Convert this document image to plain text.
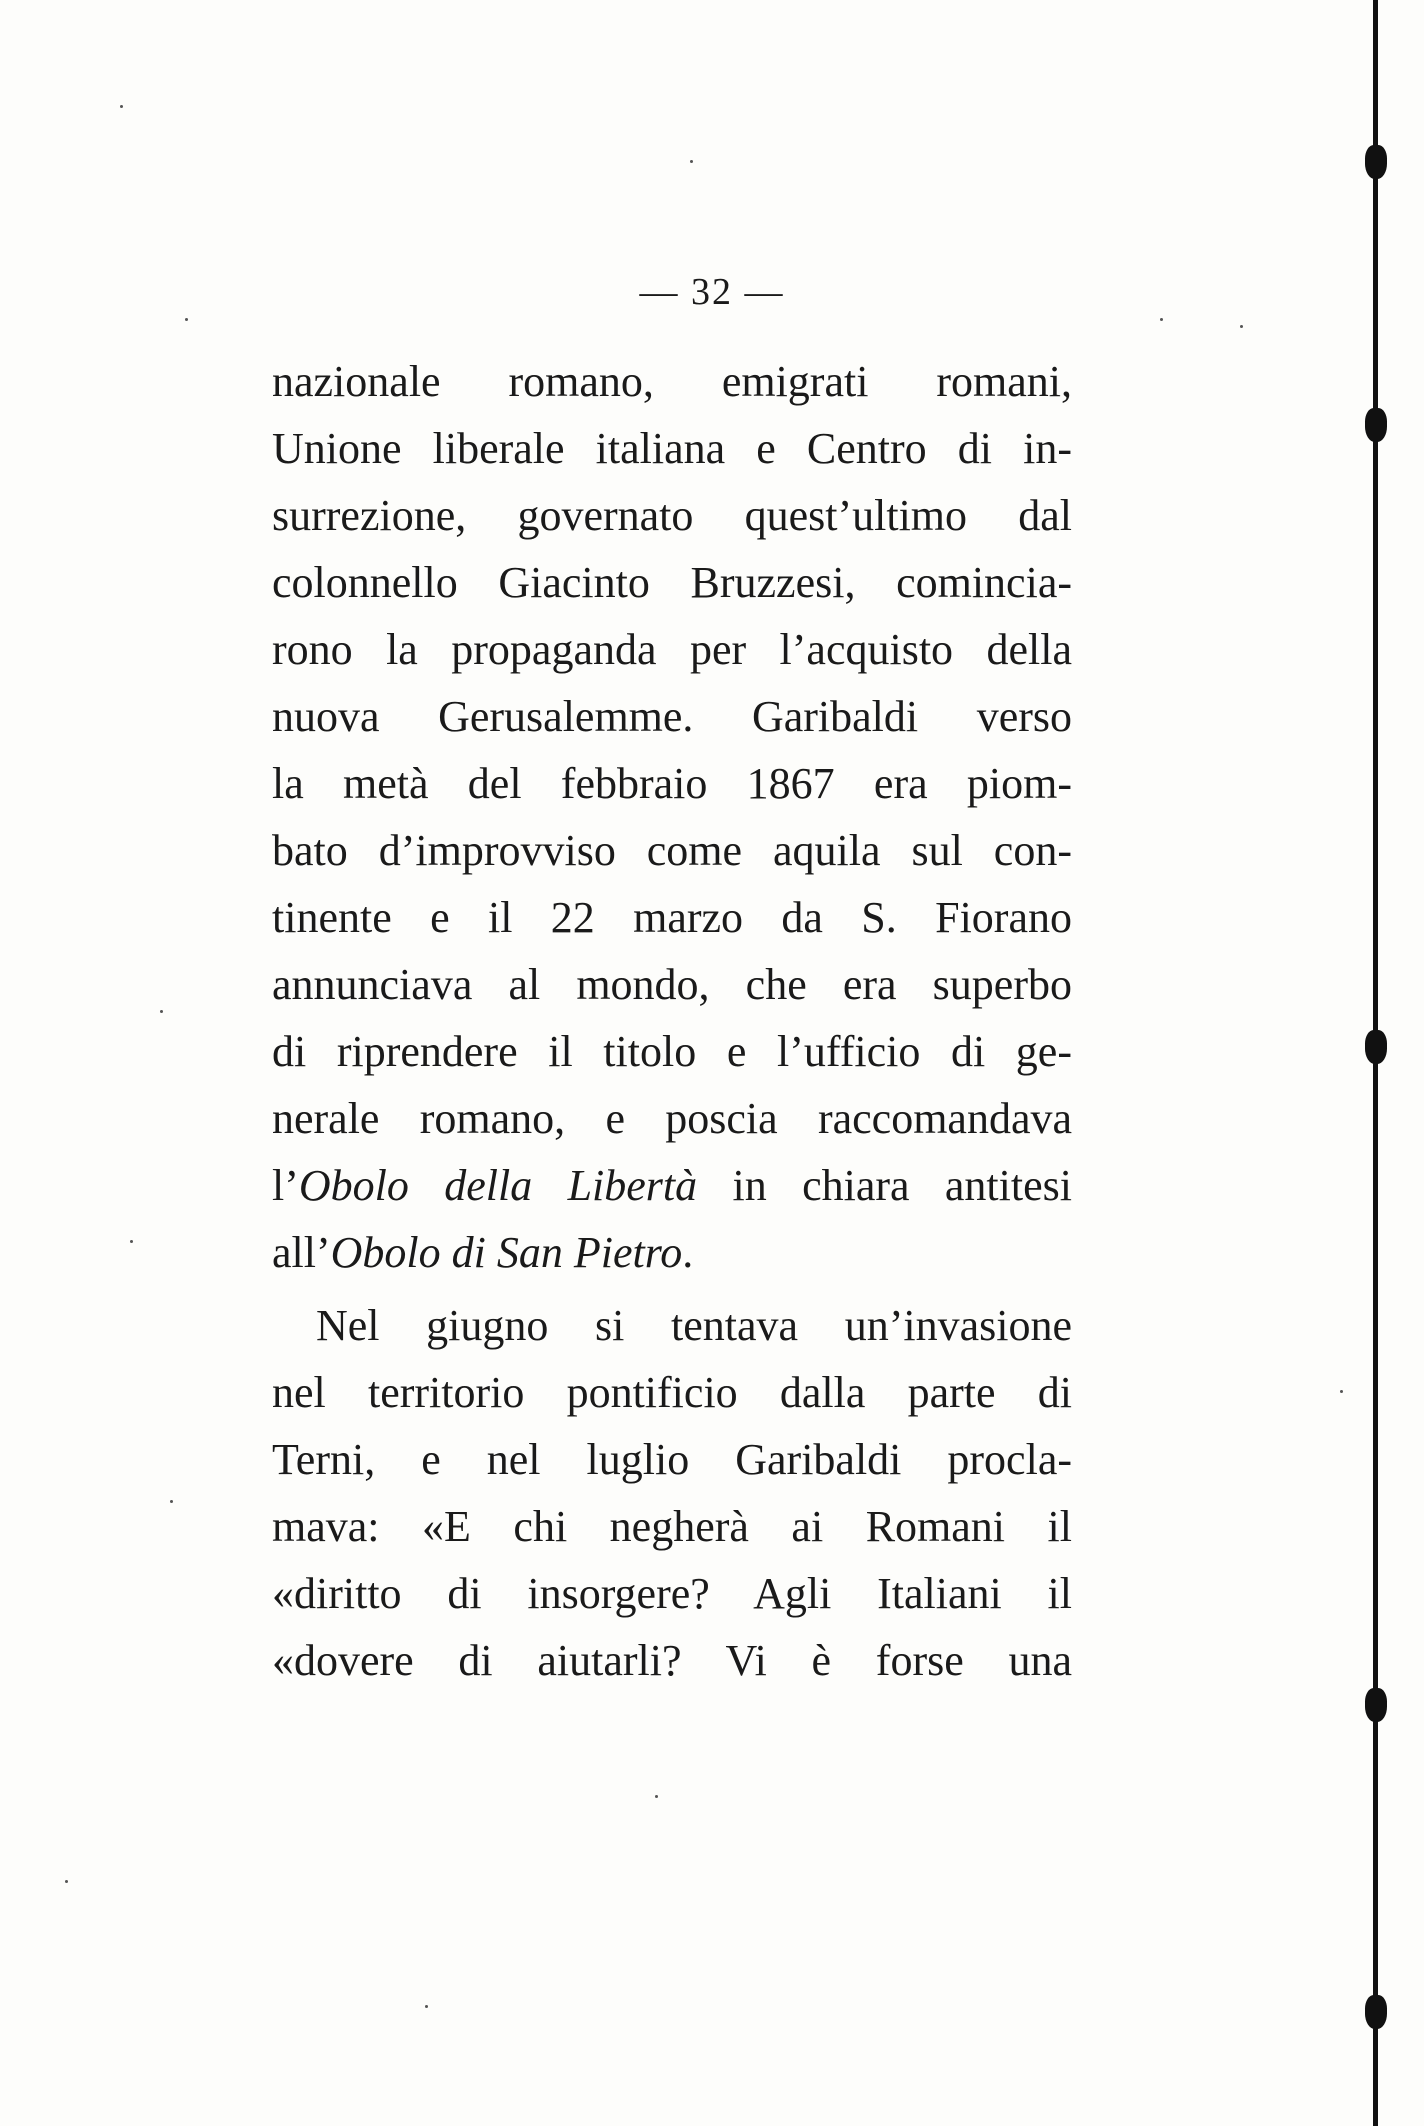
— 32 —
nazionale romano, emigrati romani,
Unione liberale italiana e Centro di in-
surrezione, governato quest’ultimo dal
colonnello Giacinto Bruzzesi, comincia-
rono la propaganda per l’acquisto della
nuova Gerusalemme. Garibaldi verso
la metà del febbraio 1867 era piom-
bato d’improvviso come aquila sul con-
tinente e il 22 marzo da S. Fiorano
annunciava al mondo, che era superbo
di riprendere il titolo e l’ufficio di ge-
nerale romano, e poscia raccomandava
l’Obolo della Libertà in chiara antitesi
all’Obolo di San Pietro.
Nel giugno si tentava un’invasione
nel territorio pontificio dalla parte di
Terni, e nel luglio Garibaldi procla-
mava: «E chi negherà ai Romani il
«diritto di insorgere? Agli Italiani il
«dovere di aiutarli? Vi è forse una
